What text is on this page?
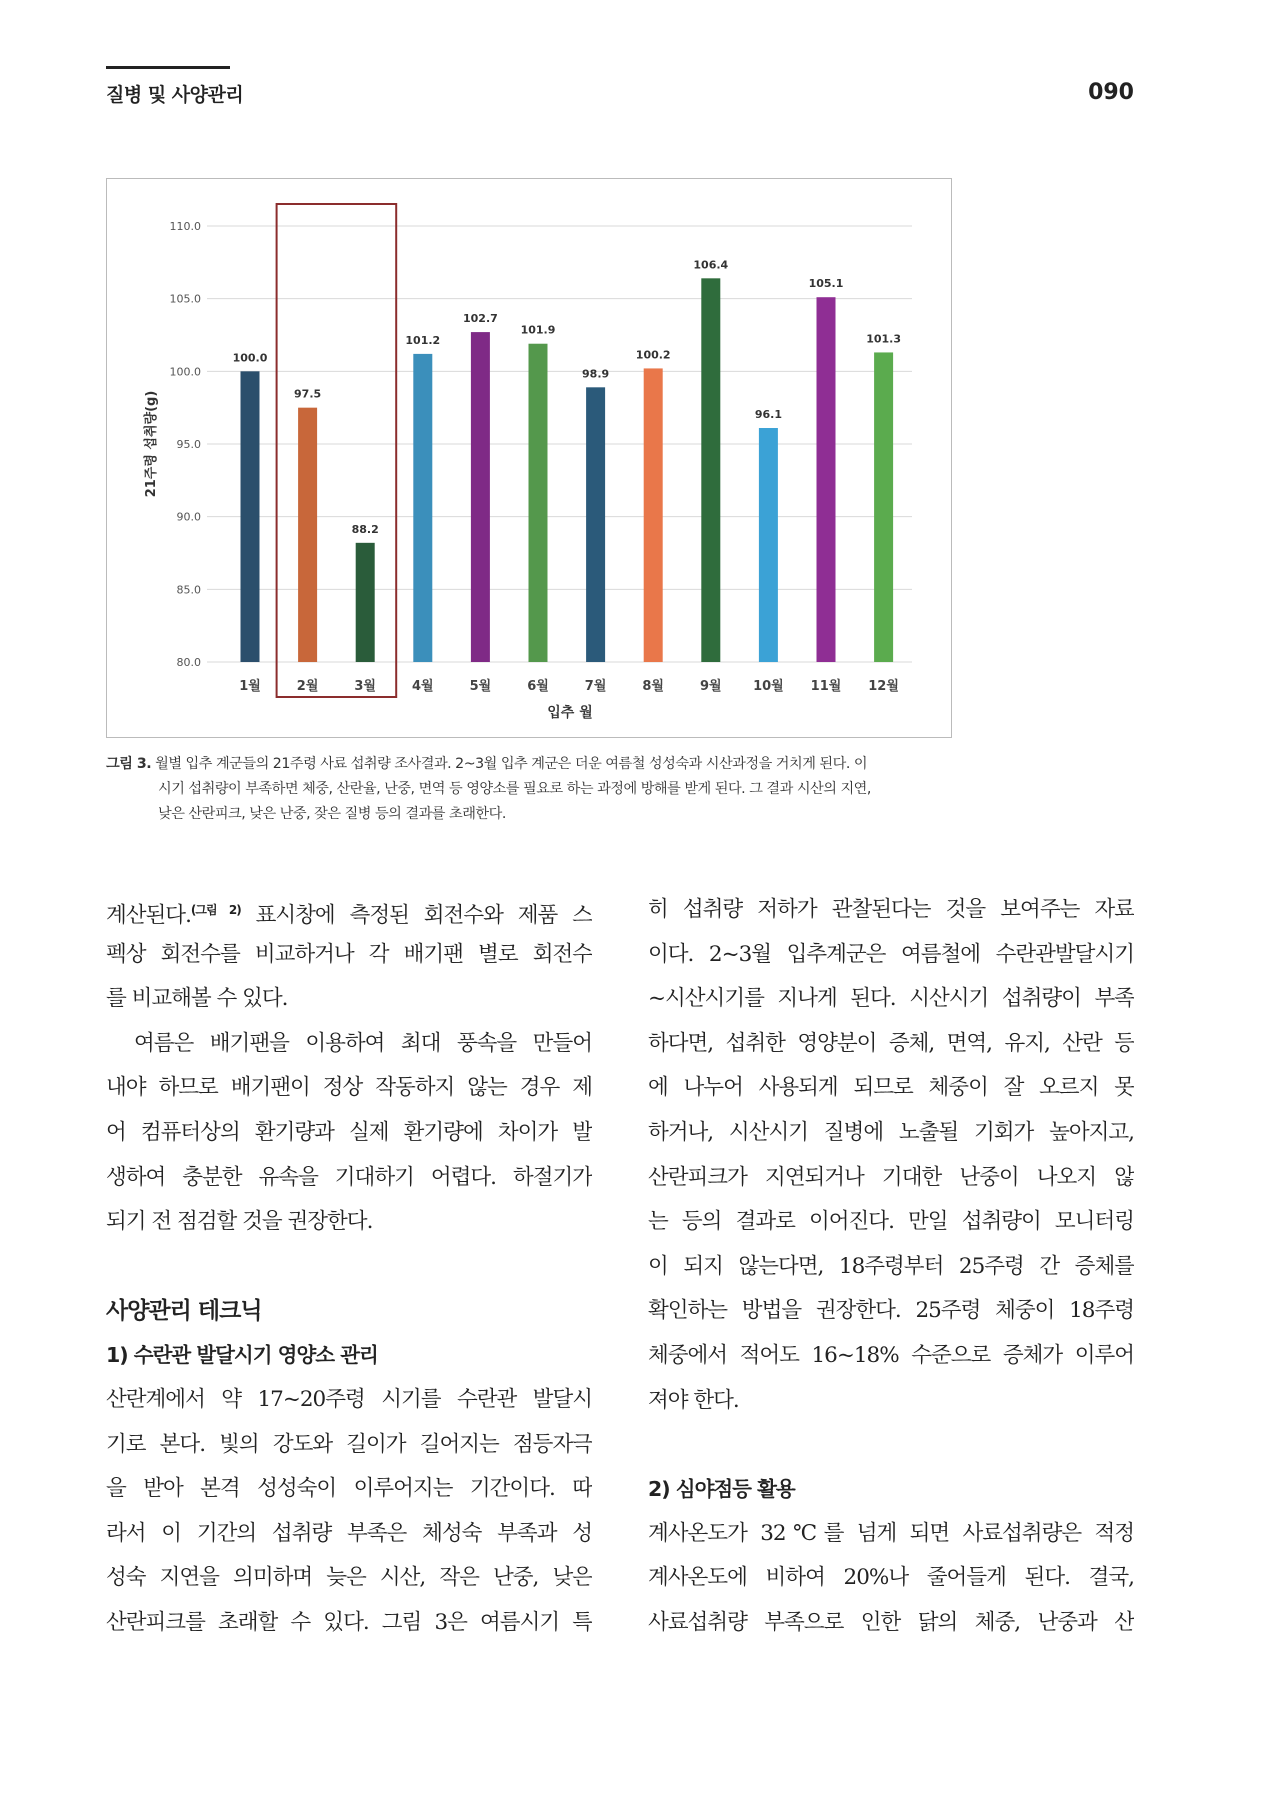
질병 및 사양관리	090
80.0
85.0
90.0
95.0
100.0
105.0
110.0
100.0
1월
97.5
2월
88.2
3월
101.2
4월
102.7
5월
101.9
6월
98.9
7월
100.2
8월
106.4
9월
96.1
10월
105.1
11월
101.3
12월
입추 월
21주령 섭취량(g)
그림 3. 월별 입추 계군들의 21주령 사료 섭취량 조사결과. 2~3월 입추 계군은 더운 여름철 성성숙과 시산과정을 거치게 된다. 이
시기 섭취량이 부족하면 체중, 산란율, 난중, 면역 등 영양소를 필요로 하는 과정에 방해를 받게 된다. 그 결과 시산의 지연,
낮은 산란피크, 낮은 난중, 잦은 질병 등의 결과를 초래한다.
계산된다.$^{(그림 2)}$ 표시창에 측정된 회전수와 제품 스
펙상 회전수를 비교하거나 각 배기팬 별로 회전수
를 비교해볼 수 있다.
여름은 배기팬을 이용하여 최대 풍속을 만들어
내야 하므로 배기팬이 정상 작동하지 않는 경우 제
어 컴퓨터상의 환기량과 실제 환기량에 차이가 발
생하여 충분한 유속을 기대하기 어렵다. 하절기가
되기 전 점검할 것을 권장한다.
사양관리 테크닉
1) 수란관 발달시기 영양소 관리
산란계에서 약 17~20주령 시기를 수란관 발달시
기로 본다. 빛의 강도와 길이가 길어지는 점등자극
을 받아 본격 성성숙이 이루어지는 기간이다. 따
라서 이 기간의 섭취량 부족은 체성숙 부족과 성
성숙 지연을 의미하며 늦은 시산, 작은 난중, 낮은
산란피크를 초래할 수 있다. 그림 3은 여름시기 특
히 섭취량 저하가 관찰된다는 것을 보여주는 자료
이다. 2~3월 입추계군은 여름철에 수란관발달시기
~시산시기를 지나게 된다. 시산시기 섭취량이 부족
하다면, 섭취한 영양분이 증체, 면역, 유지, 산란 등
에 나누어 사용되게 되므로 체중이 잘 오르지 못
하거나, 시산시기 질병에 노출될 기회가 높아지고,
산란피크가 지연되거나 기대한 난중이 나오지 않
는 등의 결과로 이어진다. 만일 섭취량이 모니터링
이 되지 않는다면, 18주령부터 25주령 간 증체를
확인하는 방법을 권장한다. 25주령 체중이 18주령
체중에서 적어도 16~18% 수준으로 증체가 이루어
져야 한다.
2) 심야점등 활용
계사온도가 32℃를 넘게 되면 사료섭취량은 적정
계사온도에 비하여 20%나 줄어들게 된다. 결국,
사료섭취량 부족으로 인한 닭의 체중, 난중과 산
